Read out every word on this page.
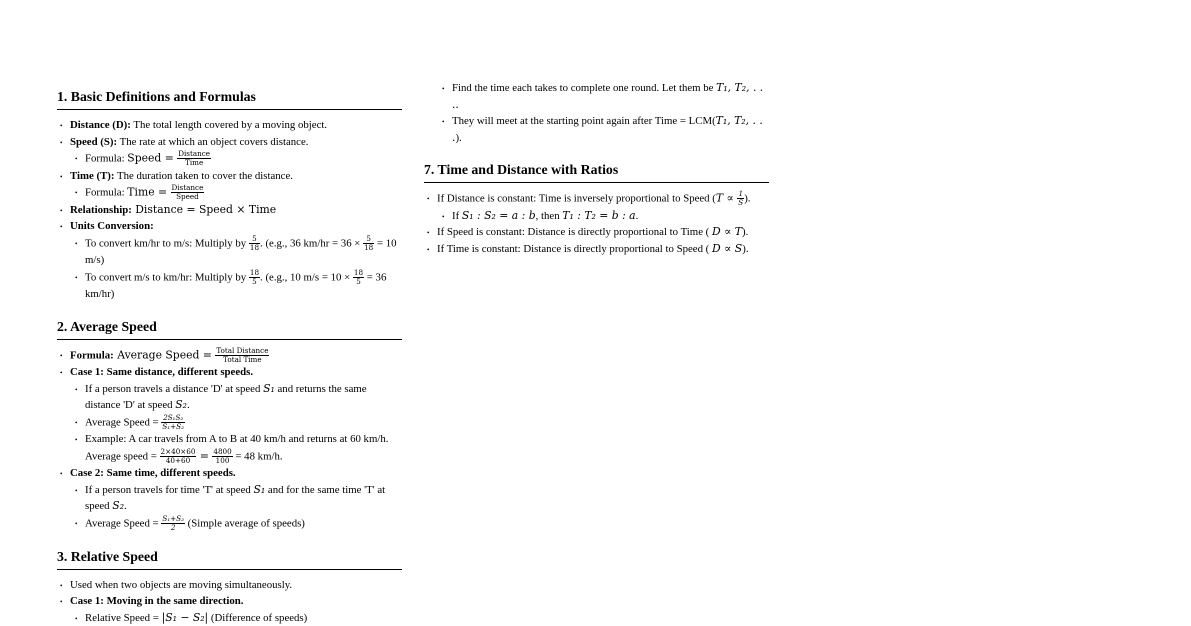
1. Basic Definitions and Formulas
• Distance (D): The total length covered by a moving object.
• Speed (S): The rate at which an object covers distance.
• Formula: Speed = $\frac{\text{Distance}}{\text{Time}}$
• Time (T): The duration taken to cover the distance.
• Formula: Time = $\frac{\text{Distance}}{\text{Speed}}$
• Relationship: Distance = Speed × Time
• Units Conversion:
• To convert km/hr to m/s: Multiply by $\frac{5}{18}$ . (e.g., 36 $km/hr = 36 \times \frac{5}{18} = 10$ m/s)
• To convert m/s to km/hr: Multiply by $\frac{18}{5}$ . (e.g., 10 $m/s = 10 \times \frac{18}{5} = 36$ km/hr)
2. Average Speed
• Formula: Average Speed = $\frac{\text{Total Distance}}{\text{Total Time}}$
• Case 1: Same distance, different speeds.
• If a person travels a distance 'D' at speed S₁ and returns the same distance 'D' at speed S₂.
• Average Speed = $\frac{\text{2S₁S₂}}{\text{S₁+S₂}}$
• Example: A car travels from A to B at 40 km/h and returns at 60 km/h. Average speed = $\frac{2\times 40\times 60}{40+60} = \frac{4800}{100} = 48$ km/h.
• Case 2: Same time, different speeds.
• If a person travels for time 'T' at speed S₁ and for the same time 'T' at speed S₂.
• Average Speed = $\frac{\text{S₁+S₂}}{2}$ (Simple average of speeds)
3. Relative Speed
• Used when two objects are moving simultaneously.
• Case 1: Moving in the same direction.
• Relative Speed = |S₁ − S₂| (Difference of speeds)
• Find the time each takes to complete one round. Let them be T₁, T₂, . . ..
• They will meet at the starting point again after Time = LCM(T₁, T₂, . . .).
7. Time and Distance with Ratios
• If Distance is constant: Time is inversely proportional to Speed ($T \propto \frac{1}{S}$ ).
• If S₁ : S₂ = a : b, then T₁ : T₂ = b : a.
• If Speed is constant: Distance is directly proportional to Time ( D ∝ T).
• If Time is constant: Distance is directly proportional to Speed ( D ∝ S).
